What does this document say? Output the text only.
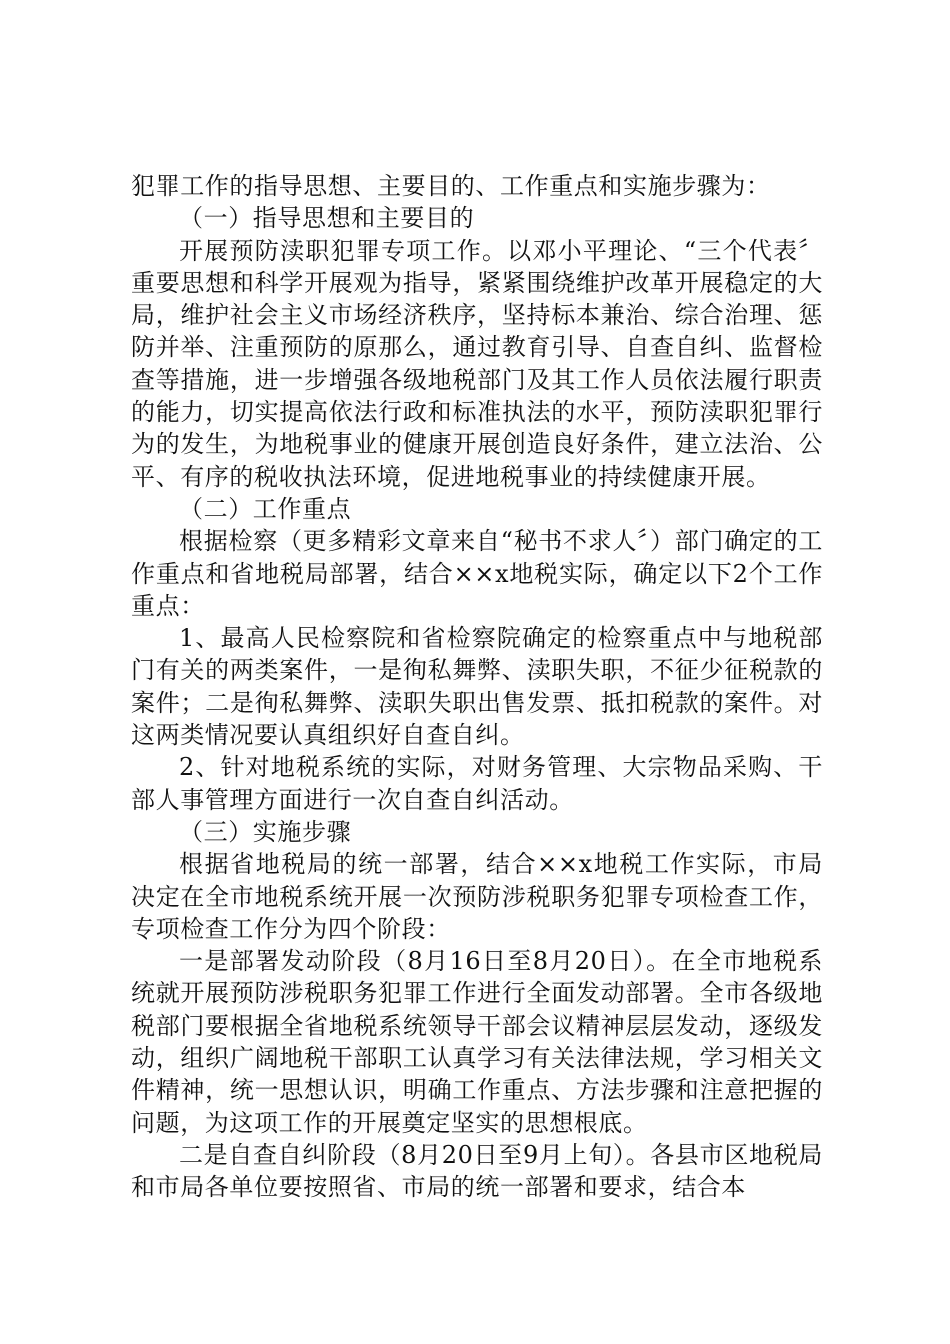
犯罪工作的指导思想、主要目的、工作重点和实施步骤为：

（一）指导思想和主要目的

开展预防渎职犯罪专项工作。以邓小平理论、“三个代表〞重要思想和科学开展观为指导，紧紧围绕维护改革开展稳定的大局，维护社会主义市场经济秩序，坚持标本兼治、综合治理、惩防并举、注重预防的原那么，通过教育引导、自查自纠、监督检查等措施，进一步增强各级地税部门及其工作人员依法履行职责的能力，切实提高依法行政和标准执法的水平，预防渎职犯罪行为的发生，为地税事业的健康开展创造良好条件，建立法治、公平、有序的税收执法环境，促进地税事业的持续健康开展。

（二）工作重点

根据检察（更多精彩文章来自“秘书不求人〞）部门确定的工作重点和省地税局部署，结合××x地税实际，确定以下2个工作重点：

1、最高人民检察院和省检察院确定的检察重点中与地税部门有关的两类案件，一是徇私舞弊、渎职失职，不征少征税款的案件；二是徇私舞弊、渎职失职出售发票、抵扣税款的案件。对这两类情况要认真组织好自查自纠。

2、针对地税系统的实际，对财务管理、大宗物品采购、干部人事管理方面进行一次自查自纠活动。

（三）实施步骤

根据省地税局的统一部署，结合××x地税工作实际，市局决定在全市地税系统开展一次预防涉税职务犯罪专项检查工作，专项检查工作分为四个阶段：

一是部署发动阶段（8月16日至8月20日）。在全市地税系统就开展预防涉税职务犯罪工作进行全面发动部署。全市各级地税部门要根据全省地税系统领导干部会议精神层层发动，逐级发动，组织广阔地税干部职工认真学习有关法律法规，学习相关文件精神，统一思想认识，明确工作重点、方法步骤和注意把握的问题，为这项工作的开展奠定坚实的思想根底。

二是自查自纠阶段（8月20日至9月上旬）。各县市区地税局和市局各单位要按照省、市局的统一部署和要求，结合本
